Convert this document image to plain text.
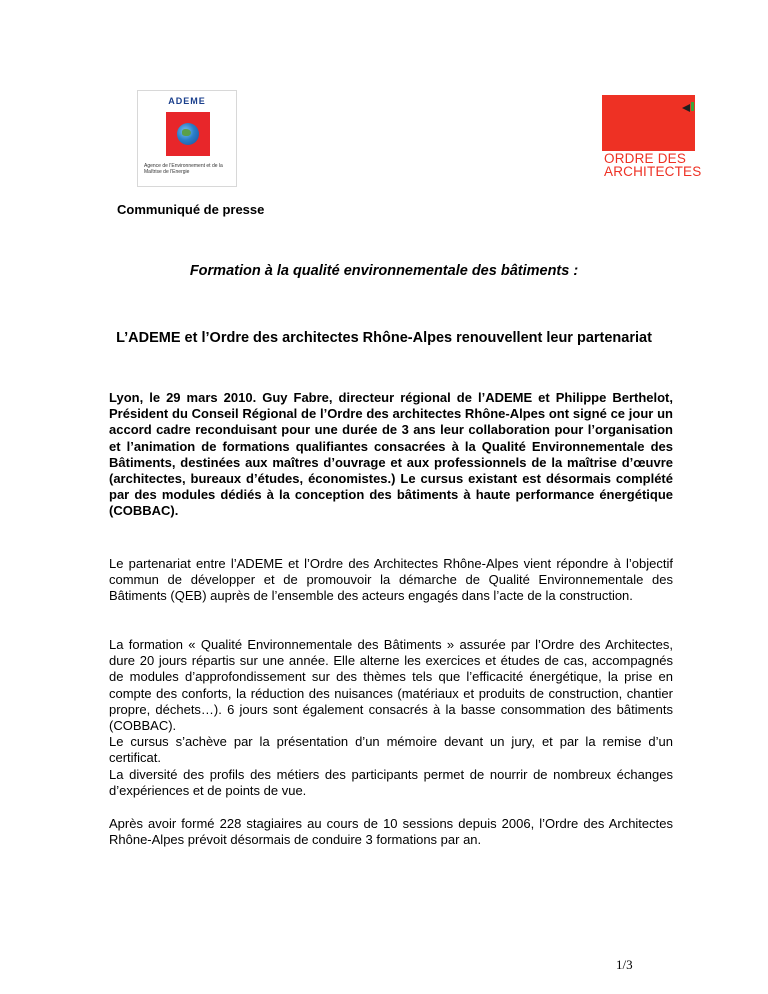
ADEME
Agence de l'Environnement et de la Maîtrise de l'Energie
ORDRE DES
ARCHITECTES
Communiqué de presse
Formation à la qualité environnementale des bâtiments :
L’ADEME et l’Ordre des architectes Rhône-Alpes renouvellent leur partenariat

Lyon, le 29 mars 2010. Guy Fabre, directeur régional de l’ADEME et Philippe Berthelot, Président du Conseil Régional de l’Ordre des architectes Rhône-Alpes ont signé ce jour un accord cadre reconduisant pour une durée de 3 ans leur collaboration pour l’organisation et l’animation de formations qualifiantes consacrées à la Qualité Environnementale des Bâtiments, destinées aux maîtres d’ouvrage et aux professionnels de la maîtrise d’œuvre (architectes, bureaux d’études, économistes.) Le cursus existant est désormais complété par des modules dédiés à la conception des bâtiments à haute performance énergétique (COBBAC).

Le partenariat entre l’ADEME et l’Ordre des Architectes Rhône-Alpes vient répondre à l’objectif commun de développer et de promouvoir la démarche de Qualité Environnementale des Bâtiments (QEB) auprès de l’ensemble des acteurs engagés dans l’acte de la construction.

La formation « Qualité Environnementale des Bâtiments » assurée par l’Ordre des Architectes, dure 20 jours répartis sur une année. Elle alterne les exercices et études de cas, accompagnés de modules d’approfondissement sur des thèmes tels que l’efficacité énergétique, la prise en compte des conforts, la réduction des nuisances (matériaux et produits de construction, chantier propre, déchets…). 6 jours sont également consacrés à la basse consommation des bâtiments (COBBAC).
Le cursus s’achève par la présentation d’un mémoire devant un jury, et par la remise d’un certificat.

La diversité des profils des métiers des participants permet de nourrir de nombreux échanges d’expériences et de points de vue.

Après avoir formé 228 stagiaires au cours de 10 sessions depuis 2006, l’Ordre des Architectes Rhône-Alpes prévoit désormais de conduire 3 formations par an.

1/3
